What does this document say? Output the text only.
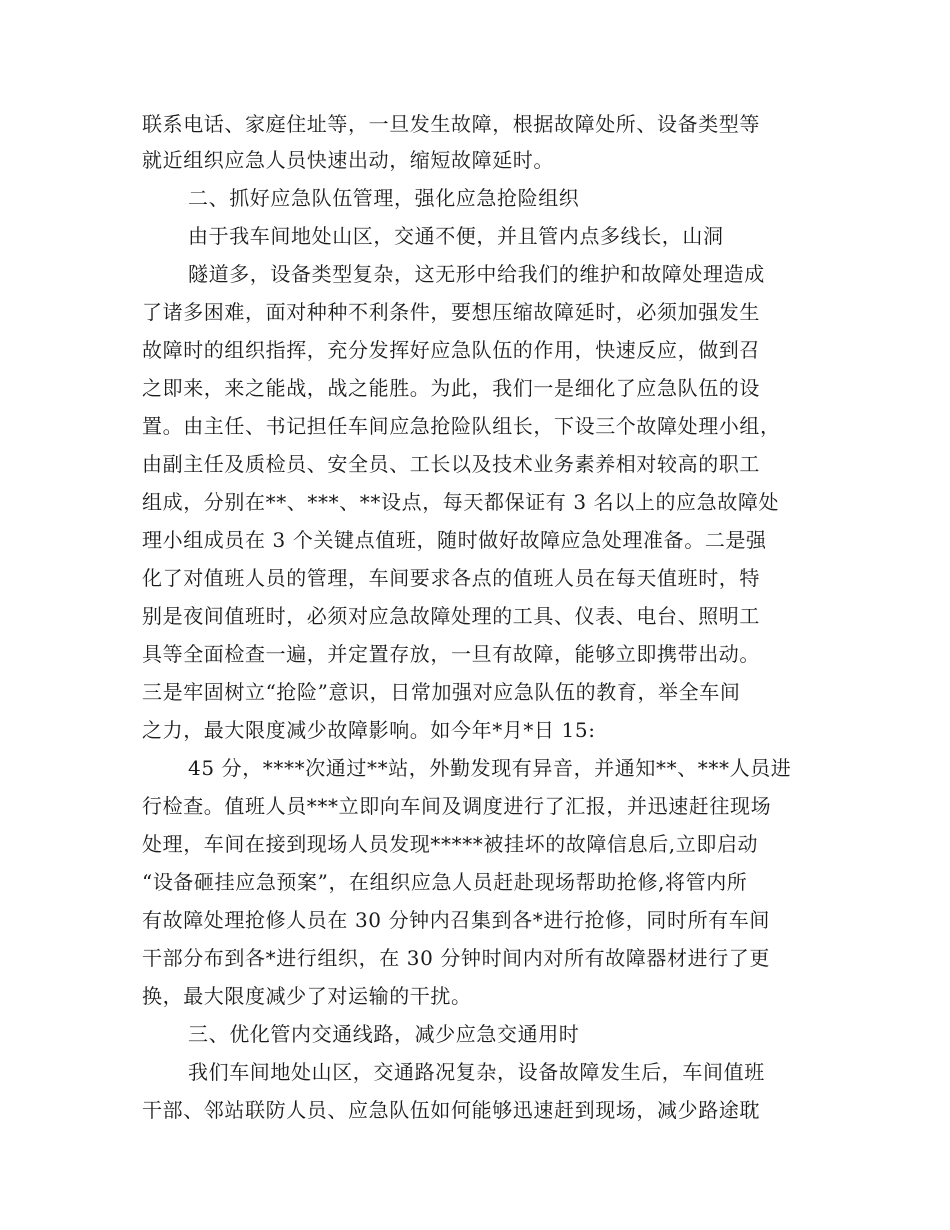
联系电话、家庭住址等，一旦发生故障，根据故障处所、设备类型等
就近组织应急人员快速出动，缩短故障延时。
二、抓好应急队伍管理，强化应急抢险组织
由于我车间地处山区，交通不便，并且管内点多线长，山洞
隧道多，设备类型复杂，这无形中给我们的维护和故障处理造成
了诸多困难，面对种种不利条件，要想压缩故障延时，必须加强发生
故障时的组织指挥，充分发挥好应急队伍的作用，快速反应，做到召
之即来，来之能战，战之能胜。为此，我们一是细化了应急队伍的设
置。由主任、书记担任车间应急抢险队组长，下设三个故障处理小组，
由副主任及质检员、安全员、工长以及技术业务素养相对较高的职工
组成，分别在**、***、**设点，每天都保证有 3 名以上的应急故障处
理小组成员在 3 个关键点值班，随时做好故障应急处理准备。二是强
化了对值班人员的管理，车间要求各点的值班人员在每天值班时，特
别是夜间值班时，必须对应急故障处理的工具、仪表、电台、照明工
具等全面检查一遍，并定置存放，一旦有故障，能够立即携带出动。
三是牢固树立“抢险”意识，日常加强对应急队伍的教育，举全车间
之力，最大限度减少故障影响。如今年*月*日 15:
45 分，****次通过**站，外勤发现有异音，并通知**、***人员进
行检查。值班人员***立即向车间及调度进行了汇报，并迅速赶往现场
处理，车间在接到现场人员发现*****被挂坏的故障信息后,立即启动
“设备砸挂应急预案”，在组织应急人员赶赴现场帮助抢修,将管内所
有故障处理抢修人员在 30 分钟内召集到各*进行抢修，同时所有车间
干部分布到各*进行组织，在 30 分钟时间内对所有故障器材进行了更
换，最大限度减少了对运输的干扰。
三、优化管内交通线路，减少应急交通用时
我们车间地处山区，交通路况复杂，设备故障发生后，车间值班
干部、邻站联防人员、应急队伍如何能够迅速赶到现场，减少路途耽
